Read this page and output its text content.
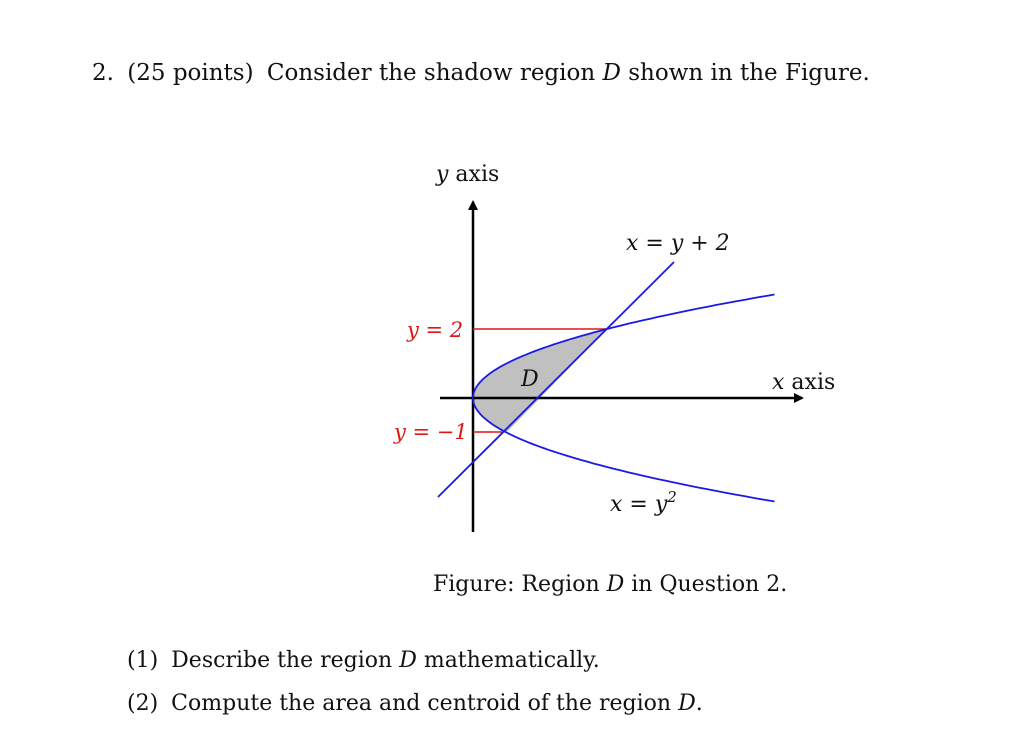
2. (25 points) Consider the shadow region D shown in the Figure.
y axis
x axis
x = y + 2
$x = y^2$
y = 2
y = −1
D
Figure: Region D in Question 2.
(1) Describe the region D mathematically.
(2) Compute the area and centroid of the region D.
